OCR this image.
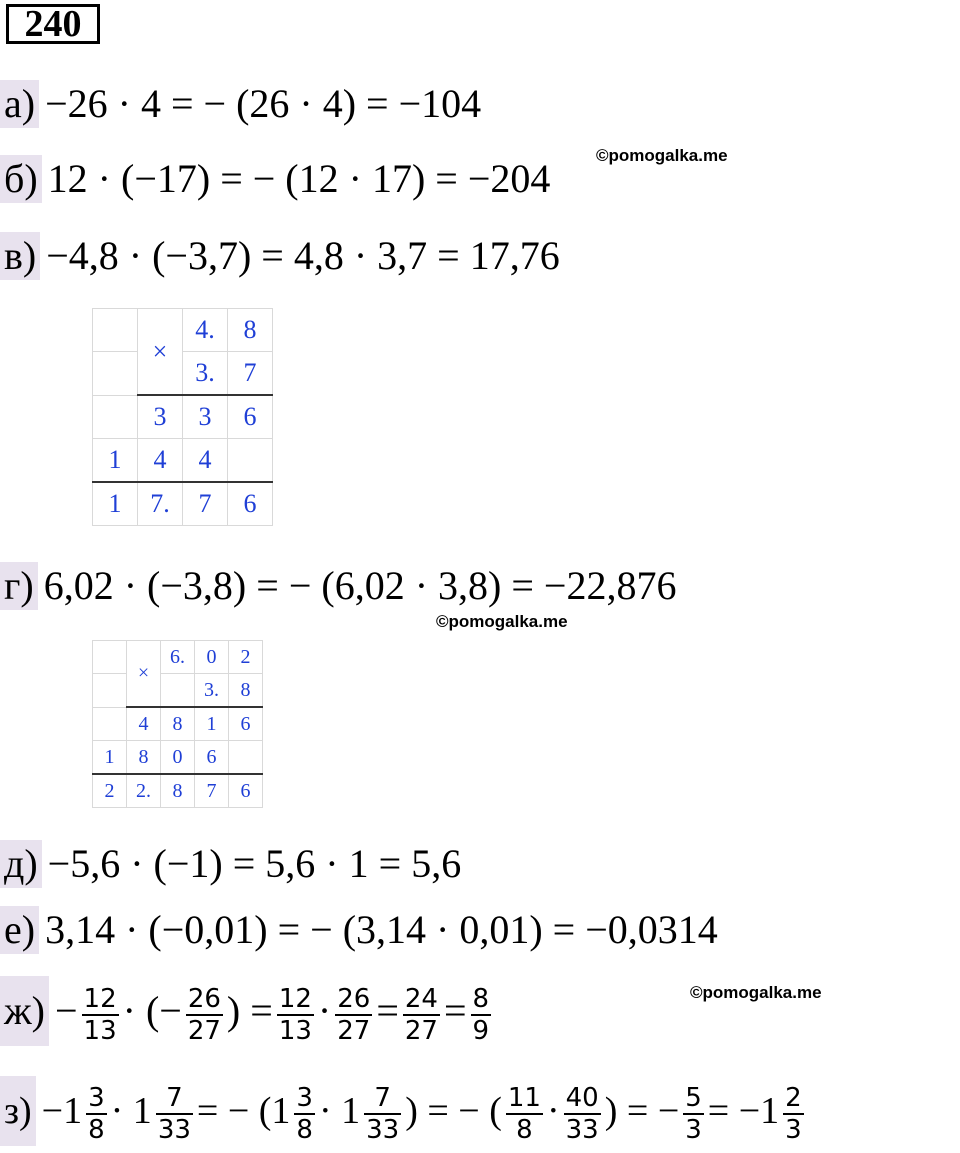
240
а) −26 · 4 = − (26 · 4) = −104
б) 12 · (−17) = − (12 · 17) = −204
©pomogalka.me
в) −4,8 · (−3,7) = 4,8 · 3,7 = 17,76
	×	4.	8
		3.	7
	3	3	6
1	4	4	
1	7.	7	6
г) 6,02 · (−3,8) = − (6,02 · 3,8) = −22,876
©pomogalka.me
	×	6.	0	2
			3.	8
	4	8	1	6
1	8	0	6	
2	2.	8	7	6
д) −5,6 · (−1) = 5,6 · 1 = 5,6
е) 3,14 · (−0,01) = − (3,14 · 0,01) = −0,0314
$ж) - \frac{12}{13}$ · (− $\frac{26}{27}$ ) = $\frac{12}{13} \cdot \frac{26}{27} = \frac{24}{27} = \frac{8}{9}$	©pomogalka.me
$з) -1 \frac{3}{8} \cdot 1 \frac{7}{33}$ = − ($1 \frac{3}{8} \cdot 1 \frac{7}{33}$ ) = − ( $\frac{11}{8} \cdot \frac{40}{33}$ ) = − $\frac{5}{3} = -1 \frac{2}{3}$
